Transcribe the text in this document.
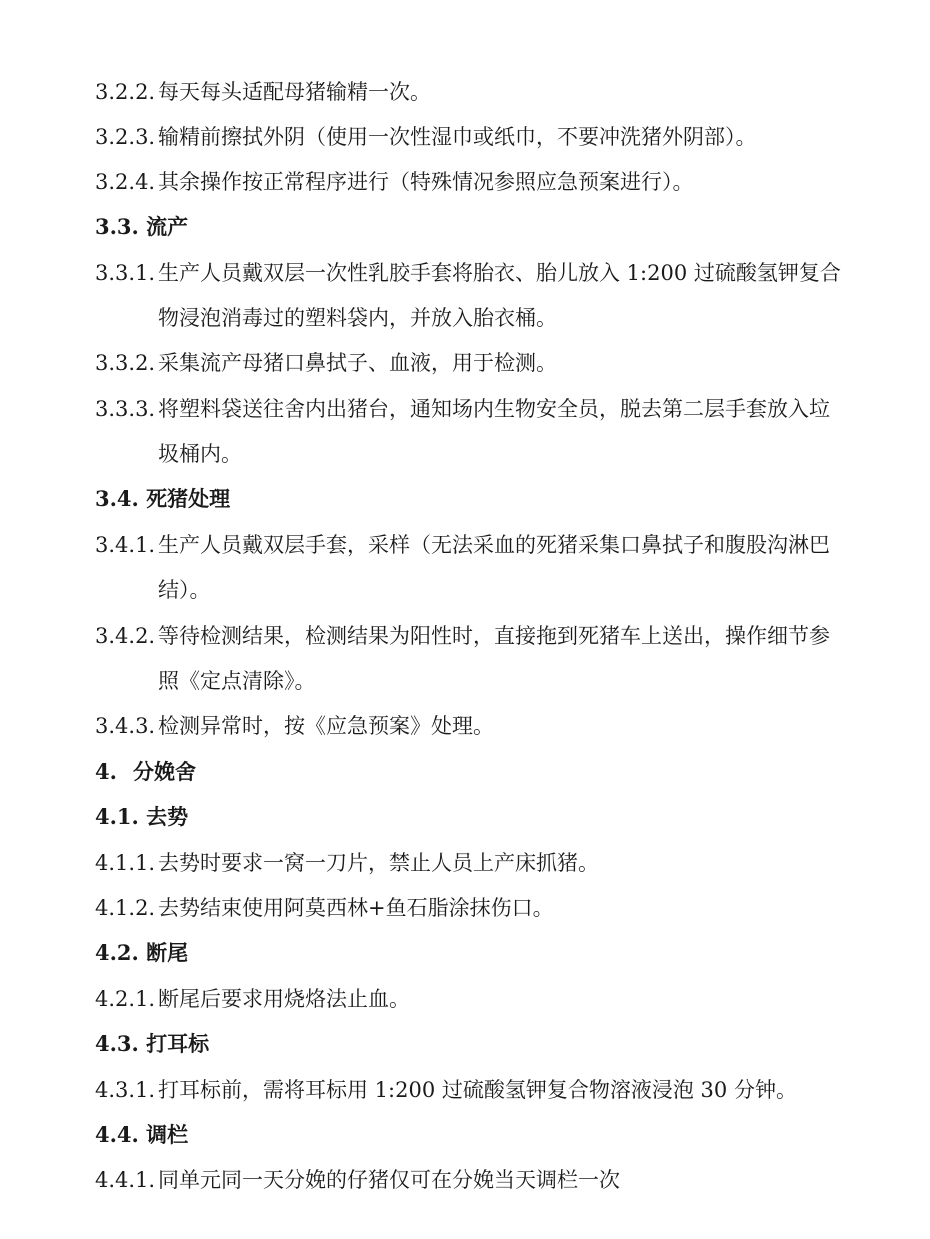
3.2.2. 每天每头适配母猪输精一次。
3.2.3. 输精前擦拭外阴（使用一次性湿巾或纸巾，不要冲洗猪外阴部）。
3.2.4. 其余操作按正常程序进行（特殊情况参照应急预案进行）。
3.3. 流产
3.3.1. 生产人员戴双层一次性乳胶手套将胎衣、胎儿放入 1:200 过硫酸氢钾复合
物浸泡消毒过的塑料袋内，并放入胎衣桶。
3.3.2. 采集流产母猪口鼻拭子、血液，用于检测。
3.3.3. 将塑料袋送往舍内出猪台，通知场内生物安全员，脱去第二层手套放入垃
圾桶内。
3.4. 死猪处理
3.4.1. 生产人员戴双层手套，采样（无法采血的死猪采集口鼻拭子和腹股沟淋巴
结）。
3.4.2. 等待检测结果，检测结果为阳性时，直接拖到死猪车上送出，操作细节参
照《定点清除》。
3.4.3. 检测异常时，按《应急预案》处理。
4. 分娩舍
4.1. 去势
4.1.1. 去势时要求一窝一刀片，禁止人员上产床抓猪。
4.1.2. 去势结束使用阿莫西林+鱼石脂涂抹伤口。
4.2. 断尾
4.2.1. 断尾后要求用烧烙法止血。
4.3. 打耳标
4.3.1. 打耳标前，需将耳标用 1:200 过硫酸氢钾复合物溶液浸泡 30 分钟。
4.4. 调栏
4.4.1. 同单元同一天分娩的仔猪仅可在分娩当天调栏一次
